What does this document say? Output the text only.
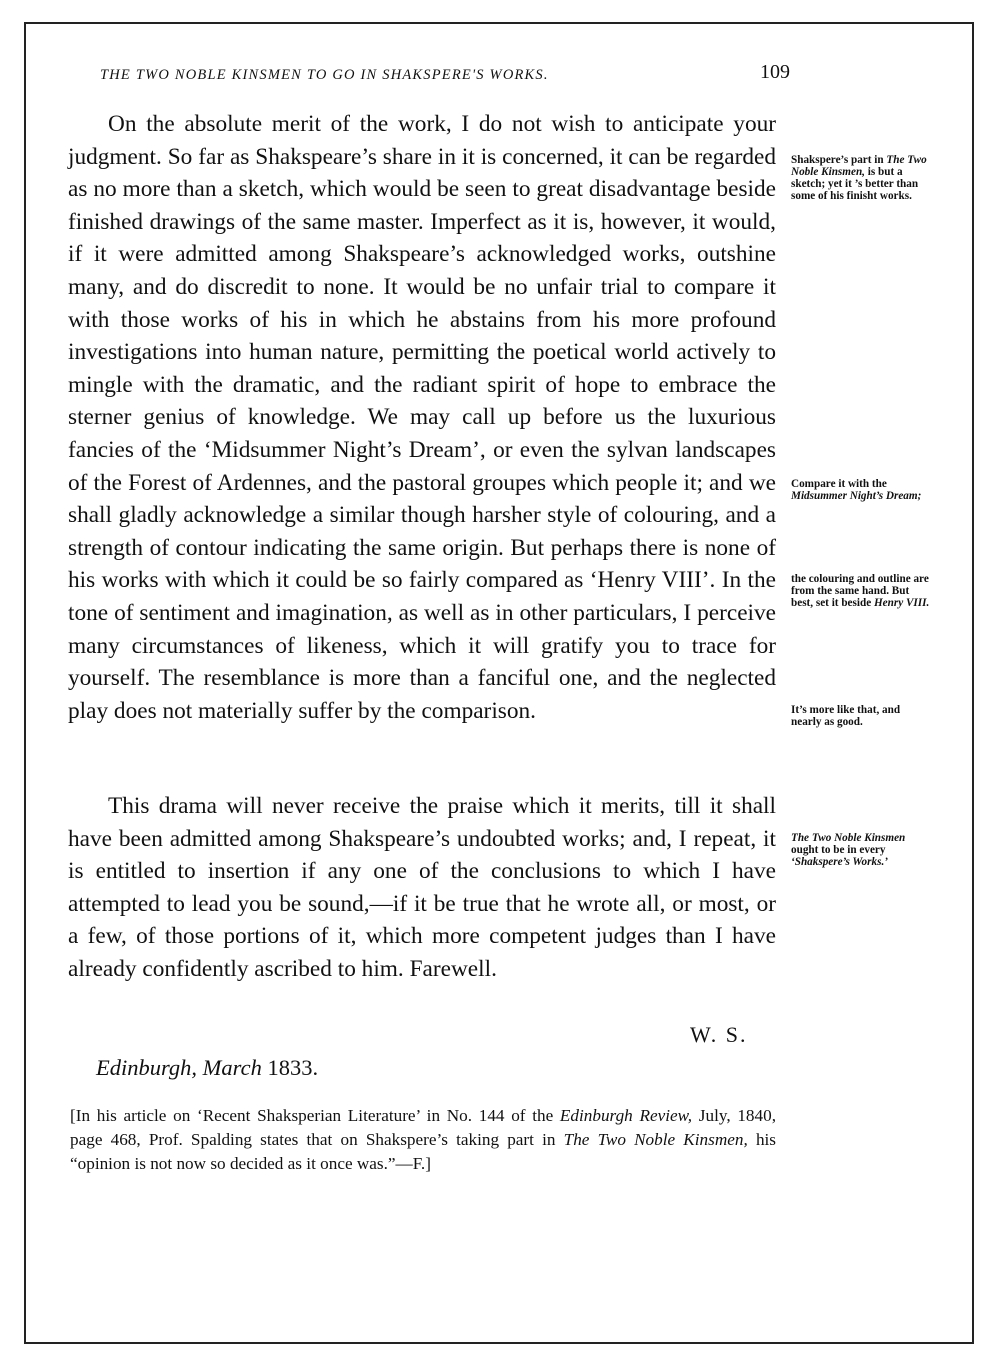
THE TWO NOBLE KINSMEN TO GO IN SHAKSPERE'S WORKS.	109

On the absolute merit of the work, I do not wish to anticipate your judgment. So far as Shakspeare’s share in it is concerned, it can be regarded as no more than a sketch, which would be seen to great disadvantage beside finished drawings of the same master. Imperfect as it is, however, it would, if it were admitted among Shakspeare’s acknowledged works, outshine many, and do discredit to none. It would be no unfair trial to compare it with those works of his in which he abstains from his more profound investigations into human nature, permitting the poetical world actively to mingle with the dramatic, and the radiant spirit of hope to embrace the sterner genius of knowledge. We may call up before us the luxurious fancies of the ‘Midsummer Night’s Dream’, or even the sylvan landscapes of the Forest of Ardennes, and the pastoral groupes which people it; and we shall gladly acknowledge a similar though harsher style of colouring, and a strength of contour indicating the same origin. But perhaps there is none of his works with which it could be so fairly compared as ‘Henry VIII’. In the tone of sentiment and imagination, as well as in other particulars, I perceive many circumstances of likeness, which it will gratify you to trace for yourself. The resemblance is more than a fanciful one, and the neglected play does not materially suffer by the comparison.

This drama will never receive the praise which it merits, till it shall have been admitted among Shakspeare’s undoubted works; and, I repeat, it is entitled to insertion if any one of the conclusions to which I have attempted to lead you be sound,—if it be true that he wrote all, or most, or a few, of those portions of it, which more competent judges than I have already confidently ascribed to him. Farewell.

W. S.
Edinburgh, March 1833.
[In his article on ‘Recent Shaksperian Literature’ in No. 144 of the Edinburgh Review, July, 1840, page 468, Prof. Spalding states that on Shakspere’s taking part in The Two Noble Kinsmen, his “opinion is not now so decided as it once was.”—F.]
Shakspere’s part in The Two Noble Kinsmen, is but a sketch; yet it ’s better than some of his finisht works.
Compare it with the Midsummer Night’s Dream;
the colouring and outline are from the same hand. But best, set it beside Henry VIII.
It’s more like that, and nearly as good.
The Two Noble Kinsmen ought to be in every ‘Shakspere’s Works.’
